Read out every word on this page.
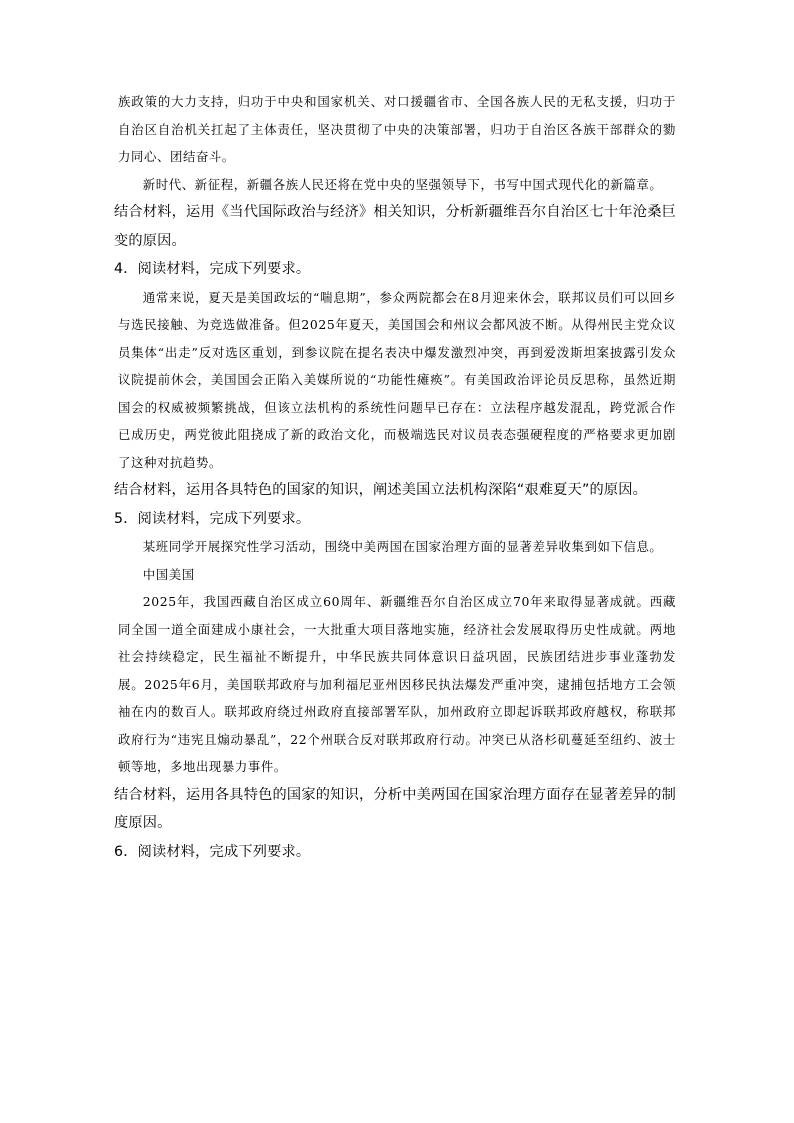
族政策的大力支持，归功于中央和国家机关、对口援疆省市、全国各族人民的无私支援，归功于自治区自治机关扛起了主体责任，坚决贯彻了中央的决策部署，归功于自治区各族干部群众的勠力同心、团结奋斗。

新时代、新征程，新疆各族人民还将在党中央的坚强领导下，书写中国式现代化的新篇章。

结合材料，运用《当代国际政治与经济》相关知识，分析新疆维吾尔自治区七十年沧桑巨变的原因。

4．阅读材料，完成下列要求。

通常来说，夏天是美国政坛的“喘息期”，参众两院都会在8月迎来休会，联邦议员们可以回乡与选民接触、为竞选做准备。但2025年夏天，美国国会和州议会都风波不断。从得州民主党众议员集体“出走”反对选区重划，到参议院在提名表决中爆发激烈冲突，再到爱泼斯坦案披露引发众议院提前休会，美国国会正陷入美媒所说的“功能性瘫痪”。有美国政治评论员反思称，虽然近期国会的权威被频繁挑战，但该立法机构的系统性问题早已存在：立法程序越发混乱，跨党派合作已成历史，两党彼此阻挠成了新的政治文化，而极端选民对议员表态强硬程度的严格要求更加剧了这种对抗趋势。

结合材料，运用各具特色的国家的知识，阐述美国立法机构深陷“艰难夏天”的原因。

5．阅读材料，完成下列要求。

某班同学开展探究性学习活动，围绕中美两国在国家治理方面的显著差异收集到如下信息。

中国美国

2025年，我国西藏自治区成立60周年、新疆维吾尔自治区成立70年来取得显著成就。西藏同全国一道全面建成小康社会，一大批重大项目落地实施，经济社会发展取得历史性成就。两地社会持续稳定，民生福祉不断提升，中华民族共同体意识日益巩固，民族团结进步事业蓬勃发展。2025年6月，美国联邦政府与加利福尼亚州因移民执法爆发严重冲突，逮捕包括地方工会领袖在内的数百人。联邦政府绕过州政府直接部署军队，加州政府立即起诉联邦政府越权，称联邦政府行为“违宪且煽动暴乱”，22个州联合反对联邦政府行动。冲突已从洛杉矶蔓延至纽约、波士顿等地，多地出现暴力事件。

结合材料，运用各具特色的国家的知识，分析中美两国在国家治理方面存在显著差异的制度原因。

6．阅读材料，完成下列要求。
